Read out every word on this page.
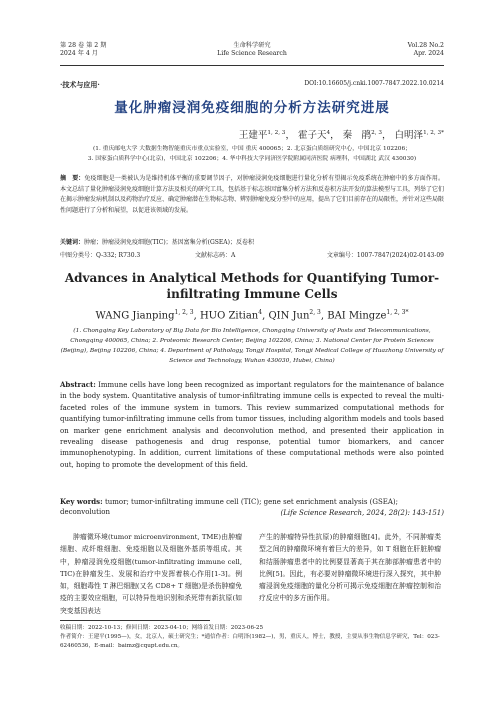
第 28 卷 第 2 期
2024 年 4 月
生命科学研究
Life Science Research
Vol.28 No.2
Apr. 2024
·技术与应用·	DOI:10.16605/j.cnki.1007-7847.2022.10.0214
量化肿瘤浸润免疫细胞的分析方法研究进展
王建平$^{1, 2, 3}$， 霍子天$^4$， 秦　鹃$^{2, 3}$， 白明泽$^{1, 2, 3*}$
(1. 重庆邮电大学 大数据生物智能重庆市重点实验室，中国 重庆 400065；2. 北京蛋白质组研究中心，中国北京 102206；
3. 国家蛋白质科学中心(北京)，中国北京 102206；4. 华中科技大学同济医学院附属同济医院 病理科，中国湖北 武汉 430030)
摘　要：免疫细胞是一类被认为是维持机体平衡的重要调节因子，对肿瘤浸润免疫细胞进行量化分析有望揭示免疫系统在肿瘤中的多方面作用。本文总结了量化肿瘤浸润免疫细胞计算方法及相关的研究工具，包括基于标志基因富集分析方法和反卷积方法开发的算法模型与工具，列举了它们在揭示肿瘤发病机制以及药物治疗反应、确定肿瘤潜在生物标志物、辨别肿瘤免疫分型中的应用，提出了它们目前存在的局限性，并针对这些局限性问题进行了分析和展望，以促进该领域的发展。
关键词：肿瘤；肿瘤浸润免疫细胞(TIC)；基因富集分析(GSEA)；反卷积
中图分类号：Q-332; R730.3	文献标志码：A	文章编号：1007-7847(2024)02-0143-09
Advances in Analytical Methods for Quantifying Tumor-
infiltrating Immune Cells
WANG Jianping$^{1, 2, 3}$, HUO Zitian$^4$, QIN Jun$^{2, 3}$, BAI Mingze$^{1, 2, 3*}$
(1. Chongqing Key Laboratory of Big Data for Bio Intelligence, Chongqing University of Posts and Telecommunications, Chongqing 400065, China; 2. Proteomic Research Center, Beijing 102206, China; 3. National Center for Protein Sciences (Beijing), Beijing 102206, China; 4. Department of Pathology, Tongji Hospital, Tongji Medical College of Huazhong University of Science and Technology, Wuhan 430030, Hubei, China)
Abstract: Immune cells have long been recognized as important regulators for the maintenance of balance in the body system. Quantitative analysis of tumor-infiltrating immune cells is expected to reveal the multi-faceted roles of the immune system in tumors. This review summarized computational methods for quantifying tumor-infiltrating immune cells from tumor tissues, including algorithm models and tools based on marker gene enrichment analysis and deconvolution method, and presented their application in revealing disease pathogenesis and drug response, potential tumor biomarkers, and cancer immunophenotyping. In addition, current limitations of these computational methods were also pointed out, hoping to promote the development of this field.
Key words: tumor; tumor-infiltrating immune cell (TIC); gene set enrichment analysis (GSEA); deconvolution	(Life Science Research, 2024, 28(2): 143-151)
肿瘤微环境(tumor microenvironment, TME)由肿瘤细胞、成纤维细胞、免疫细胞以及细胞外基质等组成。其中，肿瘤浸润免疫细胞(tumor-infiltrating immune cell, TIC)在肿瘤发生、发展和治疗中发挥着核心作用[1-3]。例如，细胞毒性 T 淋巴细胞(又名 CD8+ T 细胞)是杀伤肿瘤免疫的主要效应细胞，可以特异性地识别和杀死带有新抗原(如突变基因表达
产生的肿瘤特异性抗原)的肿瘤细胞[4]。此外，不同肿瘤类型之间的肿瘤微环境有着巨大的差异，如 T 细胞在肝脏肿瘤和结肠肿瘤患者中的比例要显著高于其在肺部肿瘤患者中的比例[5]。因此，有必要对肿瘤微环境进行深入探究，其中肿瘤浸润免疫细胞的量化分析可揭示免疫细胞在肿瘤控制和治疗反应中的多方面作用。
收稿日期：2022-10-13；修回日期：2023-04-10；网络首发日期：2023-06-25
作者简介：王建平(1995—)，女，北京人，硕士研究生；*通信作者：白明泽(1982—)，男，重庆人，博士，教授，主要从事生物信息学研究，Tel：023-62460536，E-mail：baimz@cqupt.edu.cn。
